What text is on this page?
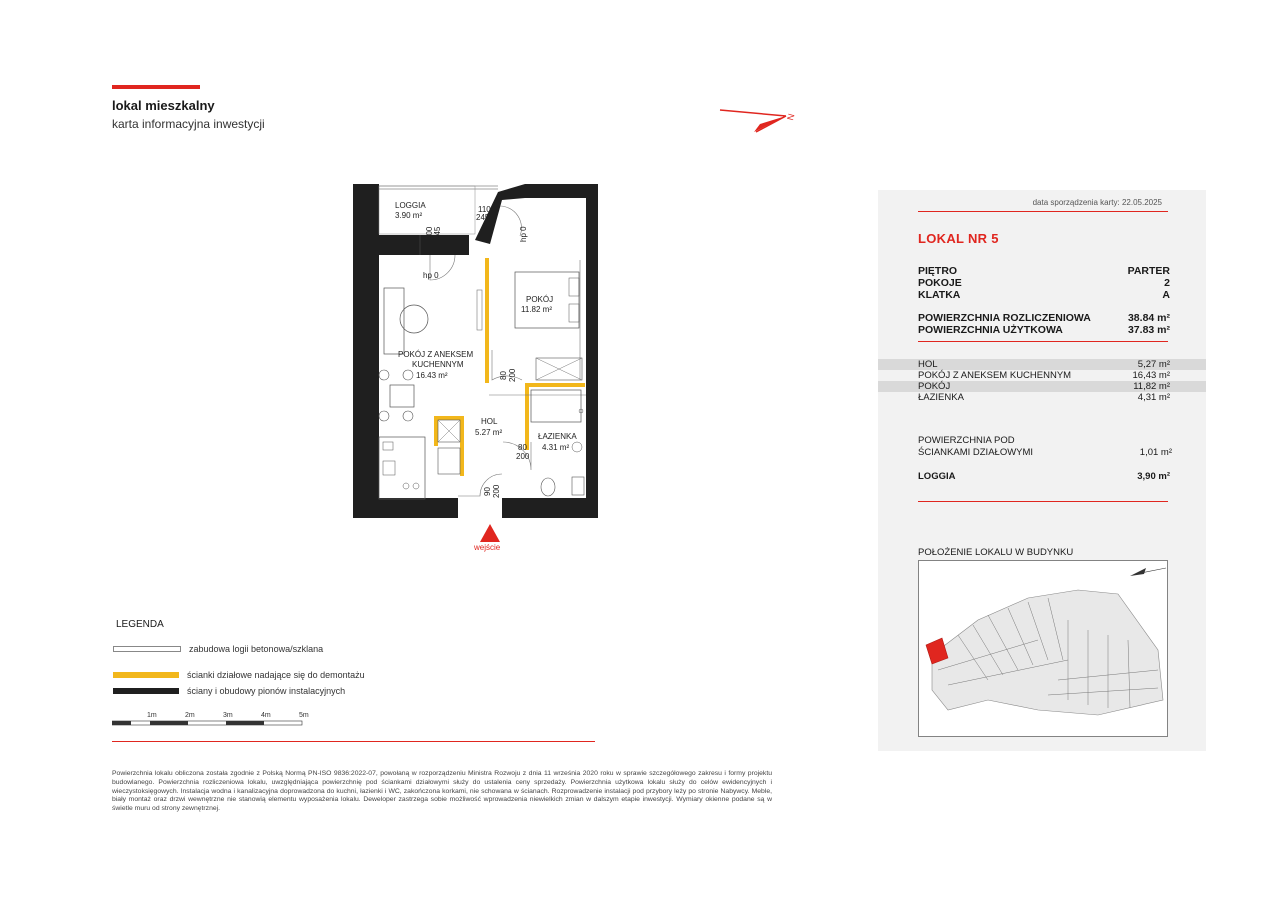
lokal mieszkalny
karta informacyjna inwestycji
N
LOGGIA
3.90 m²
POKÓJ Z ANEKSEM
KUCHENNYM
16.43 m²
POKÓJ
11.82 m²
HOL
5.27 m²	ŁAZIENKA
4.31 m²
110
245
200 245
hp 0
hp 0
80 200
80
200
90 200
wejście
data sporządzenia karty: 22.05.2025
LOKAL NR 5
PIĘTRO	PARTER
POKOJE	2
KLATKA	A
POWIERZCHNIA ROZLICZENIOWA	38.84 m²
POWIERZCHNIA UŻYTKOWA	37.83 m²
HOL	5,27 m²
POKÓJ Z ANEKSEM KUCHENNYM	16,43 m²
POKÓJ	11,82 m²
ŁAZIENKA	4,31 m²
POWIERZCHNIA POD
ŚCIANKAMI DZIAŁOWYMI	1,01 m²
LOGGIA	3,90 m²
POŁOŻENIE LOKALU W BUDYNKU
LEGENDA
zabudowa logii betonowa/szklana
ścianki działowe nadające się do demontażu
ściany i obudowy pionów instalacyjnych
1m	2m	3m	4m	5m
Powierzchnia lokalu obliczona została zgodnie z Polską Normą PN-ISO 9836:2022-07, powołaną w rozporządzeniu Ministra Rozwoju z dnia 11 września 2020 roku w sprawie szczegółowego zakresu i formy projektu budowlanego. Powierzchnia rozliczeniowa lokalu, uwzględniająca powierzchnię pod ściankami działowymi służy do ustalenia ceny sprzedaży. Powierzchnia użytkowa lokalu służy do celów ewidencyjnych i wieczystoksięgowych. Instalacja wodna i kanalizacyjna doprowadzona do kuchni, łazienki i WC, zakończona korkami, nie schowana w ścianach. Rozprowadzenie instalacji pod przybory leży po stronie Nabywcy. Meble, biały montaż oraz drzwi wewnętrzne nie stanowią elementu wyposażenia lokalu. Deweloper zastrzega sobie możliwość wprowadzenia niewielkich zmian w dalszym etapie inwestycji. Wymiary okienne podane są w świetle muru od strony zewnętrznej.
